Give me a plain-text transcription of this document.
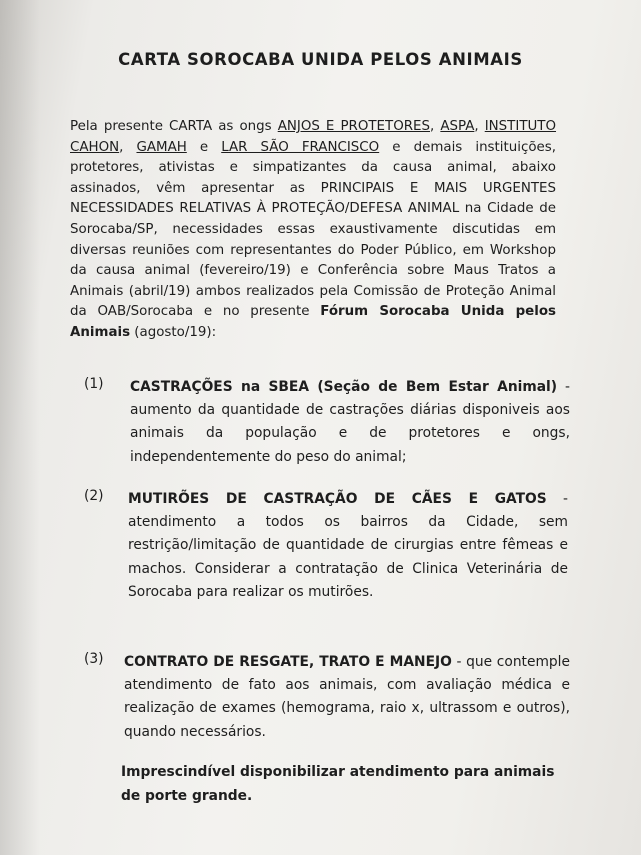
CARTA SOROCABA UNIDA PELOS ANIMAIS

Pela presente CARTA as ongs ANJOS E PROTETORES, ASPA, INSTITUTO CAHON, GAMAH e LAR SÃO FRANCISCO e demais instituições, protetores, ativistas e simpatizantes da causa animal, abaixo assinados, vêm apresentar as PRINCIPAIS E MAIS URGENTES NECESSIDADES RELATIVAS À PROTEÇÃO/DEFESA ANIMAL na Cidade de Sorocaba/SP, necessidades essas exaustivamente discutidas em diversas reuniões com representantes do Poder Público, em Workshop da causa animal (fevereiro/19) e Conferência sobre Maus Tratos a Animais (abril/19) ambos realizados pela Comissão de Proteção Animal da OAB/Sorocaba e no presente Fórum Sorocaba Unida pelos Animais (agosto/19):

(1) CASTRAÇÕES na SBEA (Seção de Bem Estar Animal) - aumento da quantidade de castrações diárias disponiveis aos animais da população e de protetores e ongs, independentemente do peso do animal;

(2) MUTIRÕES DE CASTRAÇÃO DE CÃES E GATOS - atendimento a todos os bairros da Cidade, sem restrição/limitação de quantidade de cirurgias entre fêmeas e machos. Considerar a contratação de Clinica Veterinária de Sorocaba para realizar os mutirões.

(3) CONTRATO DE RESGATE, TRATO E MANEJO - que contemple atendimento de fato aos animais, com avaliação médica e realização de exames (hemograma, raio x, ultrassom e outros), quando necessários.

Imprescindível disponibilizar atendimento para animais de porte grande.
